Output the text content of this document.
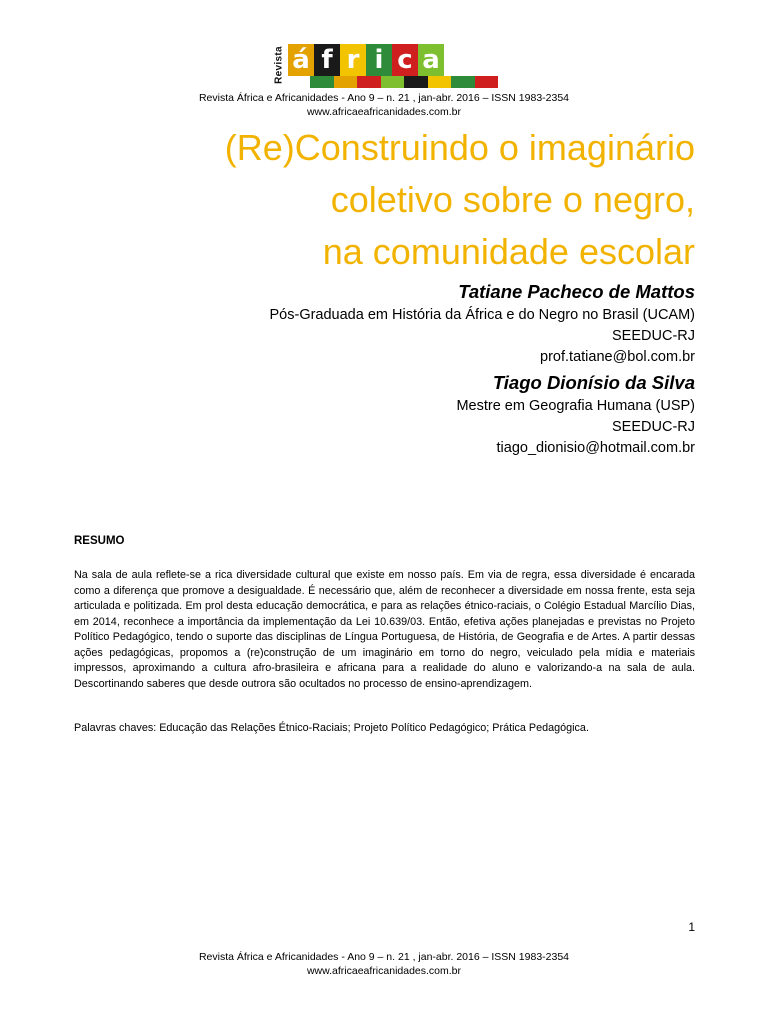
Revista á f r i c a
Revista África e Africanidades - Ano 9 – n. 21 , jan-abr. 2016 – ISSN 1983-2354
www.africaeafricanidades.com.br
(Re)Construindo o imaginário
coletivo sobre o negro,
na comunidade escolar
Tatiane Pacheco de Mattos
Pós-Graduada em História da África e do Negro no Brasil (UCAM)
SEEDUC-RJ
prof.tatiane@bol.com.br
Tiago Dionísio da Silva
Mestre em Geografia Humana (USP)
SEEDUC-RJ
tiago_dionisio@hotmail.com.br
RESUMO
Na sala de aula reflete-se a rica diversidade cultural que existe em nosso país. Em via de regra, essa diversidade é encarada como a diferença que promove a desigualdade. É necessário que, além de reconhecer a diversidade em nossa frente, esta seja articulada e politizada. Em prol desta educação democrática, e para as relações étnico-raciais, o Colégio Estadual Marcílio Dias, em 2014, reconhece a importância da implementação da Lei 10.639/03. Então, efetiva ações planejadas e previstas no Projeto Político Pedagógico, tendo o suporte das disciplinas de Língua Portuguesa, de História, de Geografia e de Artes. A partir dessas ações pedagógicas, propomos a (re)construção de um imaginário em torno do negro, veiculado pela mídia e materiais impressos, aproximando a cultura afro-brasileira e africana para a realidade do aluno e valorizando-a na sala de aula. Descortinando saberes que desde outrora são ocultados no processo de ensino-aprendizagem.
Palavras chaves: Educação das Relações Étnico-Raciais; Projeto Político Pedagógico; Prática Pedagógica.
1
Revista África e Africanidades - Ano 9 – n. 21 , jan-abr. 2016 – ISSN 1983-2354
www.africaeafricanidades.com.br
